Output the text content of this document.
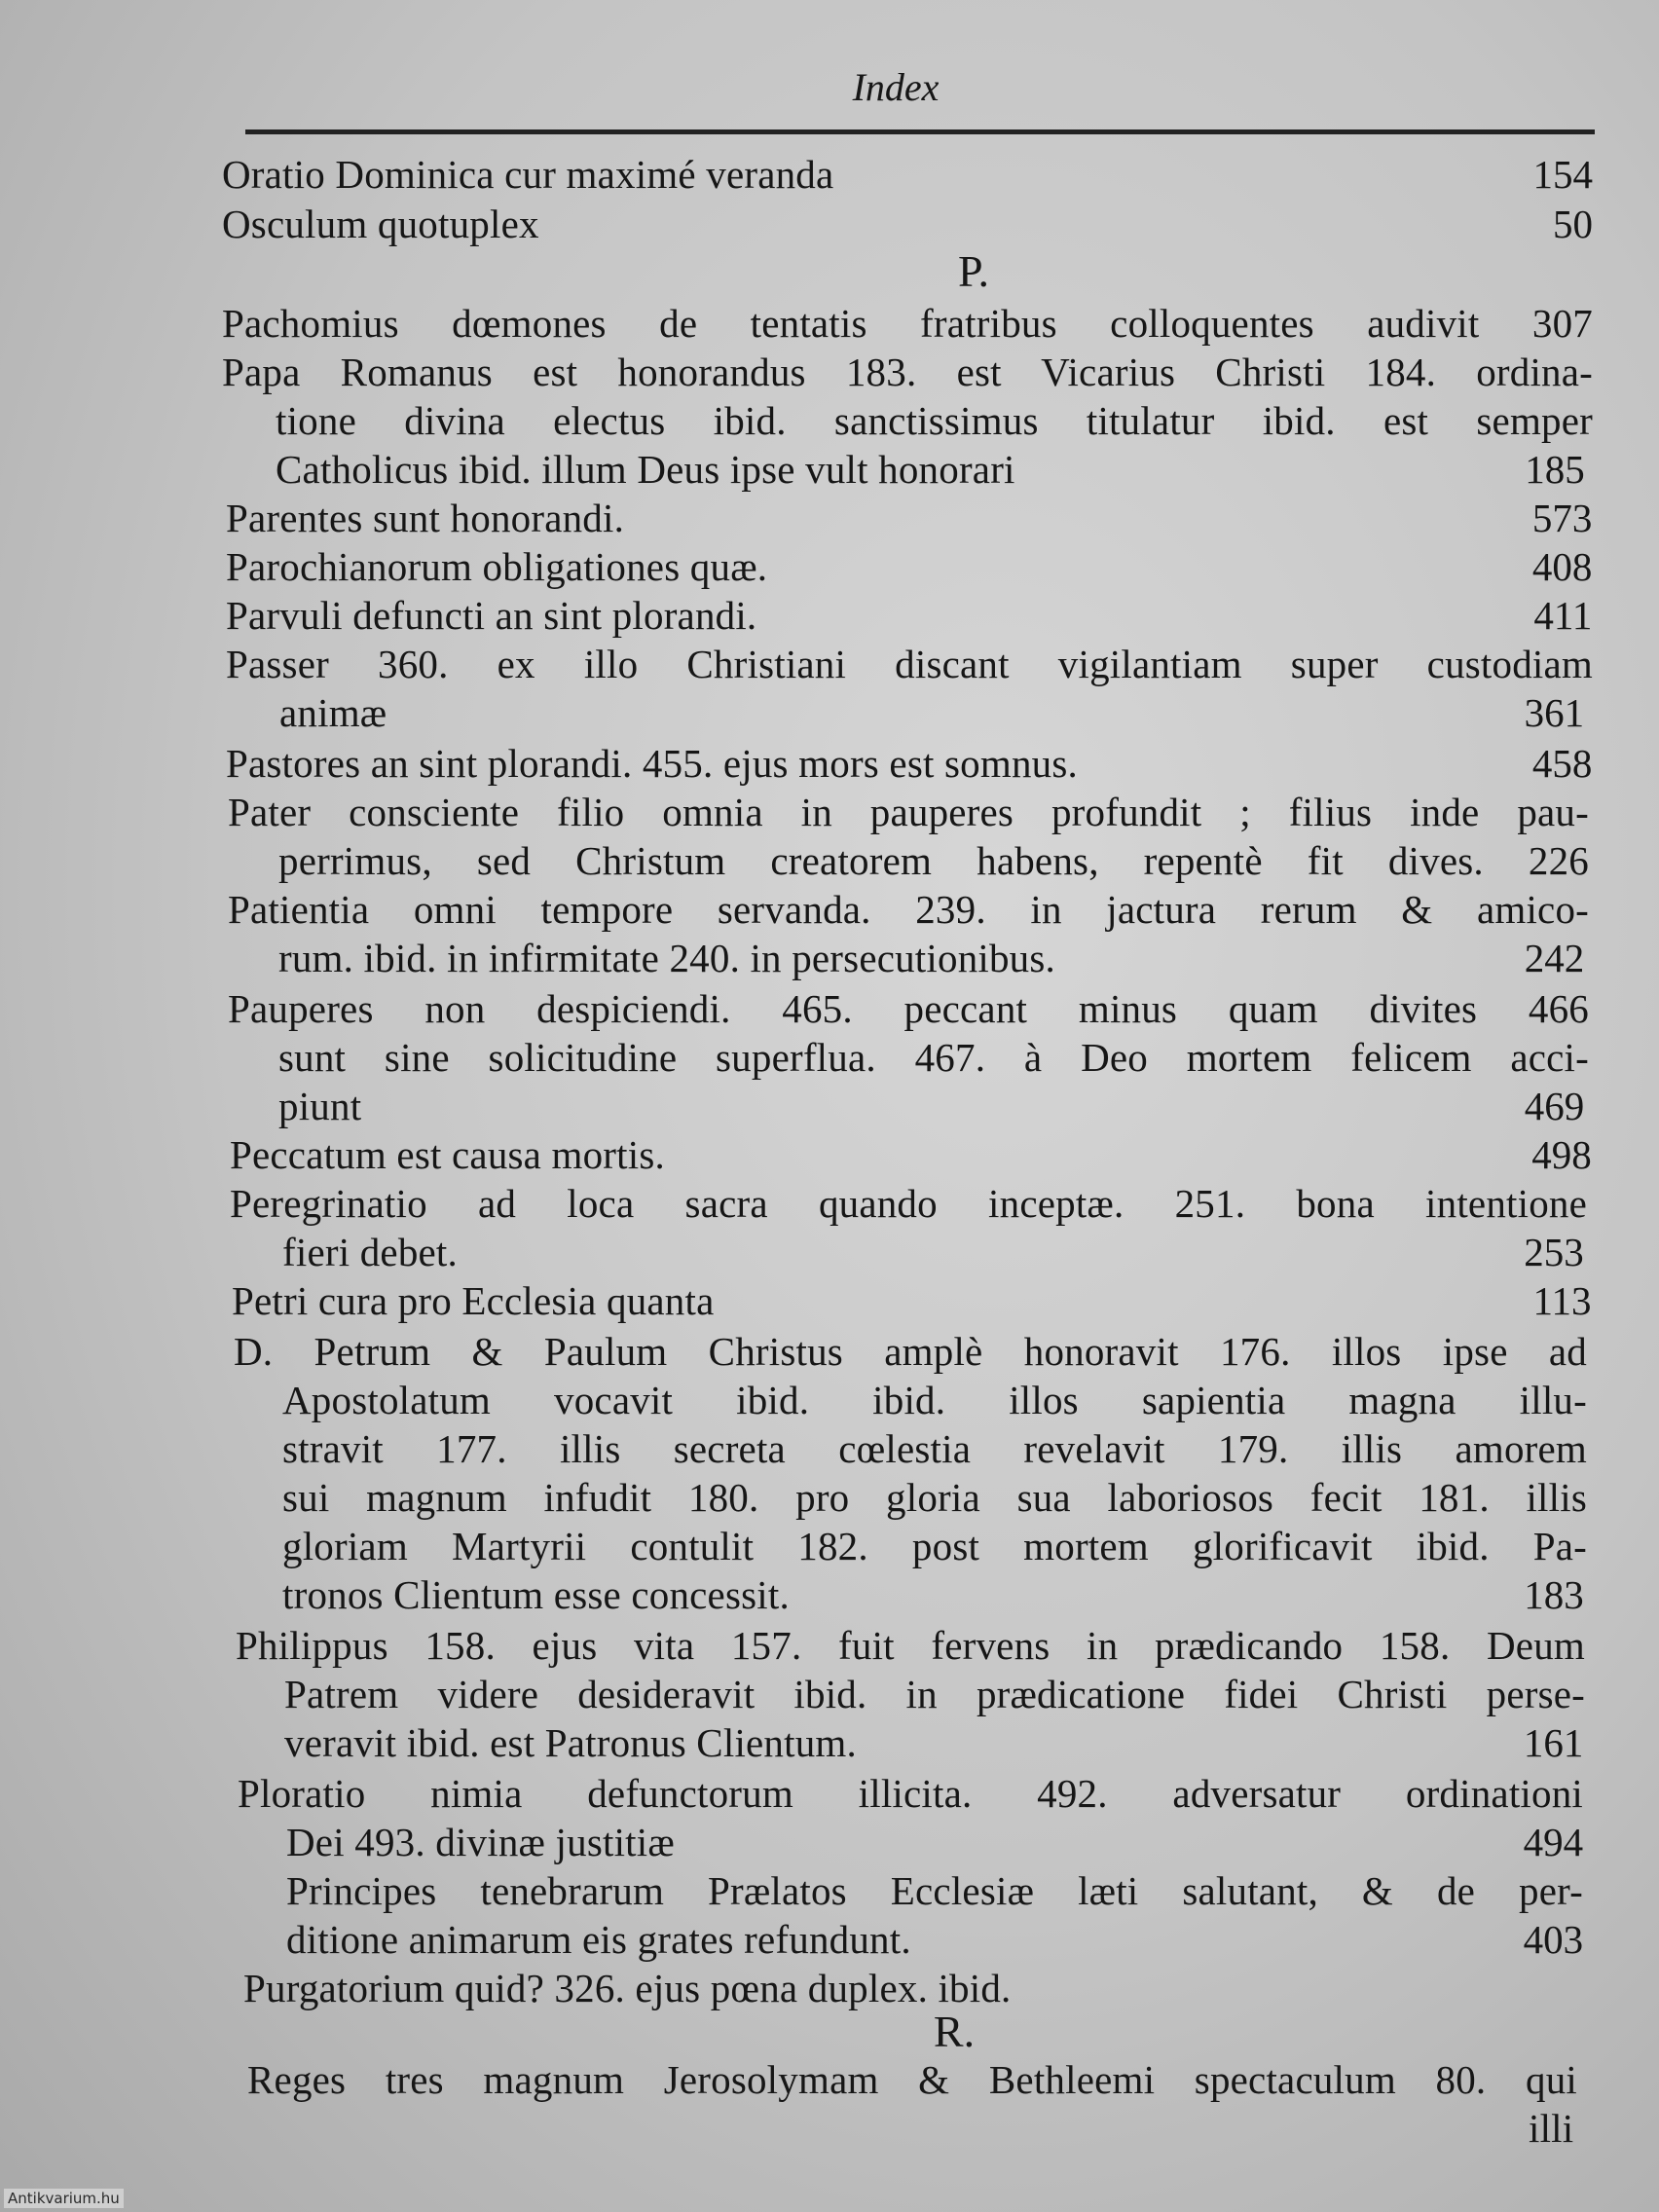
Index
P.
R.
Oratio Dominica cur maximé veranda	154
Osculum quotuplex	50
Pachomius dœmones de tentatis fratribus colloquentes audivit 307
Papa Romanus est honorandus 183. est Vicarius Christi 184. ordina-
tione divina electus ibid. sanctissimus titulatur ibid. est semper
Catholicus ibid. illum Deus ipse vult honorari	185
Parentes sunt honorandi.	573
Parochianorum obligationes quæ.	408
Parvuli defuncti an sint plorandi.	411
Passer 360. ex illo Christiani discant vigilantiam super custodiam
animæ	361
Pastores an sint plorandi. 455. ejus mors est somnus.	458
Pater consciente filio omnia in pauperes profundit ; filius inde pau-
perrimus, sed Christum creatorem habens, repentè fit dives. 226
Patientia omni tempore servanda. 239. in jactura rerum & amico-
rum. ibid. in infirmitate 240. in persecutionibus.	242
Pauperes non despiciendi. 465. peccant minus quam divites 466
sunt sine solicitudine superflua. 467. à Deo mortem felicem acci-
piunt	469
Peccatum est causa mortis.	498
Peregrinatio ad loca sacra quando inceptæ. 251. bona intentione
fieri debet.	253
Petri cura pro Ecclesia quanta	113
D. Petrum & Paulum Christus amplè honoravit 176. illos ipse ad
Apostolatum vocavit ibid. ibid. illos sapientia magna illu-
stravit 177. illis secreta cœlestia revelavit 179. illis amorem
sui magnum infudit 180. pro gloria sua laboriosos fecit 181. illis
gloriam Martyrii contulit 182. post mortem glorificavit ibid. Pa-
tronos Clientum esse concessit.	183
Philippus 158. ejus vita 157. fuit fervens in prædicando 158. Deum
Patrem videre desideravit ibid. in prædicatione fidei Christi perse-
veravit ibid. est Patronus Clientum.	161
Ploratio nimia defunctorum illicita. 492. adversatur ordinationi
Dei 493. divinæ justitiæ	494
Principes tenebrarum Prælatos Ecclesiæ læti salutant, & de per-
ditione animarum eis grates refundunt.	403
Purgatorium quid? 326. ejus pœna duplex. ibid.
Reges tres magnum Jerosolymam & Bethleemi spectaculum 80. qui
illi
Antikvarium.hu
